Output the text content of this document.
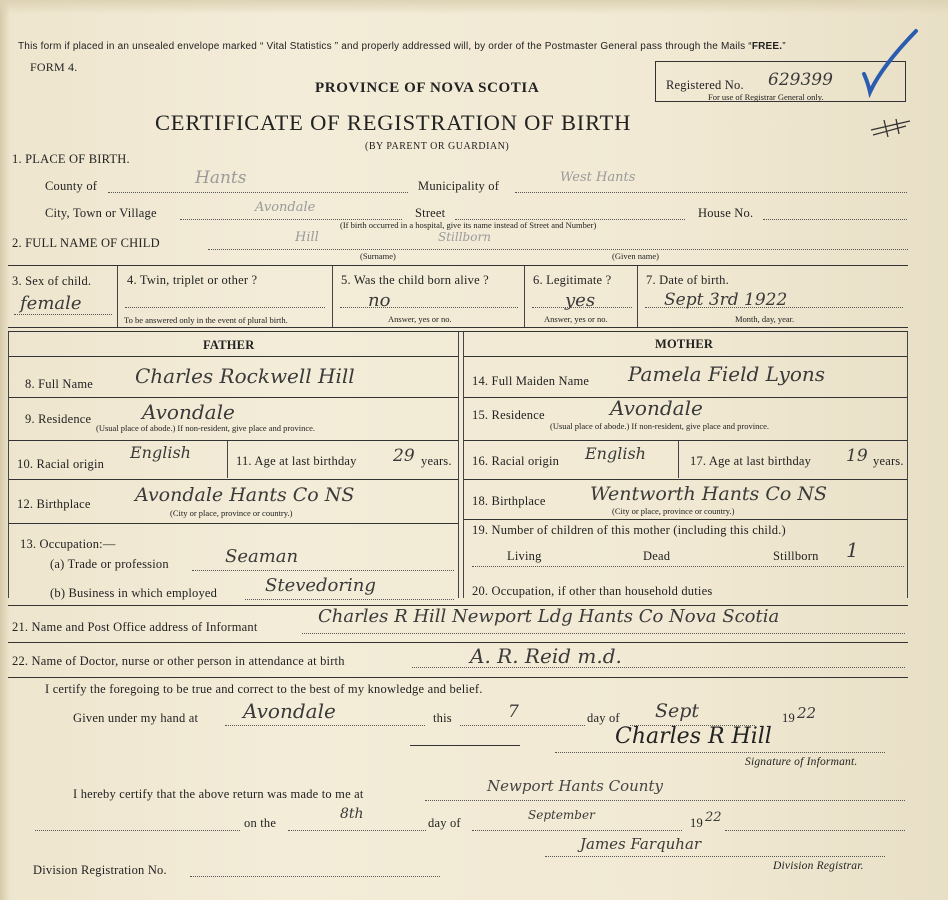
This form if placed in an unsealed envelope marked “ Vital Statistics ” and properly addressed will, by order of the Postmaster General pass through the Mails “FREE.”
FORM 4.
PROVINCE OF NOVA SCOTIA
CERTIFICATE OF REGISTRATION OF BIRTH
(BY PARENT OR GUARDIAN)
Registered No. 629399
For use of Registrar General only.
1. PLACE OF BIRTH.
County of	Hants	Municipality of
West Hants
City, Town or Village	Avondale	Street
(If birth occurred in a hospital, give its name instead of Street and Number)
House No.
2. FULL NAME OF CHILD	Hill	Stillborn
(Surname)	(Given name)
3. Sex of child.
female
4. Twin, triplet or other ?
To be answered only in the event of plural birth.
5. Was the child born alive ?
no
Answer, yes or no.
6. Legitimate ?
yes
Answer, yes or no.
7. Date of birth.
Sept 3rd 1922
Month, day, year.
FATHER	MOTHER
8. Full Name Charles Rockwell Hill
9. Residence	Avondale
(Usual place of abode.) If non-resident, give place and province.
10. Racial origin
English	11. Age at last birthday 29 years.
12. Birthplace Avondale Hants Co NS
(City or place, province or country.)
13. Occupation:—
(a) Trade or profession	Seaman
(b) Business in which employed	Stevedoring
14. Full Maiden Name Pamela Field Lyons
15. Residence	Avondale
(Usual place of abode.) If non-resident, give place and province.
16. Racial origin English	17. Age at last birthday 19 years.
18. Birthplace Wentworth Hants Co NS
(City or place, province or country.)
19. Number of children of this mother (including this child.)
Living	Dead	Stillborn 1
20. Occupation, if other than household duties
21. Name and Post Office address of Informant	Charles R Hill Newport Ldg Hants Co Nova Scotia
22. Name of Doctor, nurse or other person in attendance at birth	A. R. Reid m.d.
I certify the foregoing to be true and correct to the best of my knowledge and belief.
Given under my hand at Avondale	this	7	day of Sept	19 22
Charles R Hill
Signature of Informant.
I hereby certify that the above return was made to me at	Newport Hants County
on the
8th
day of
September
19 22
Division Registration No.
James Farquhar
Division Registrar.
